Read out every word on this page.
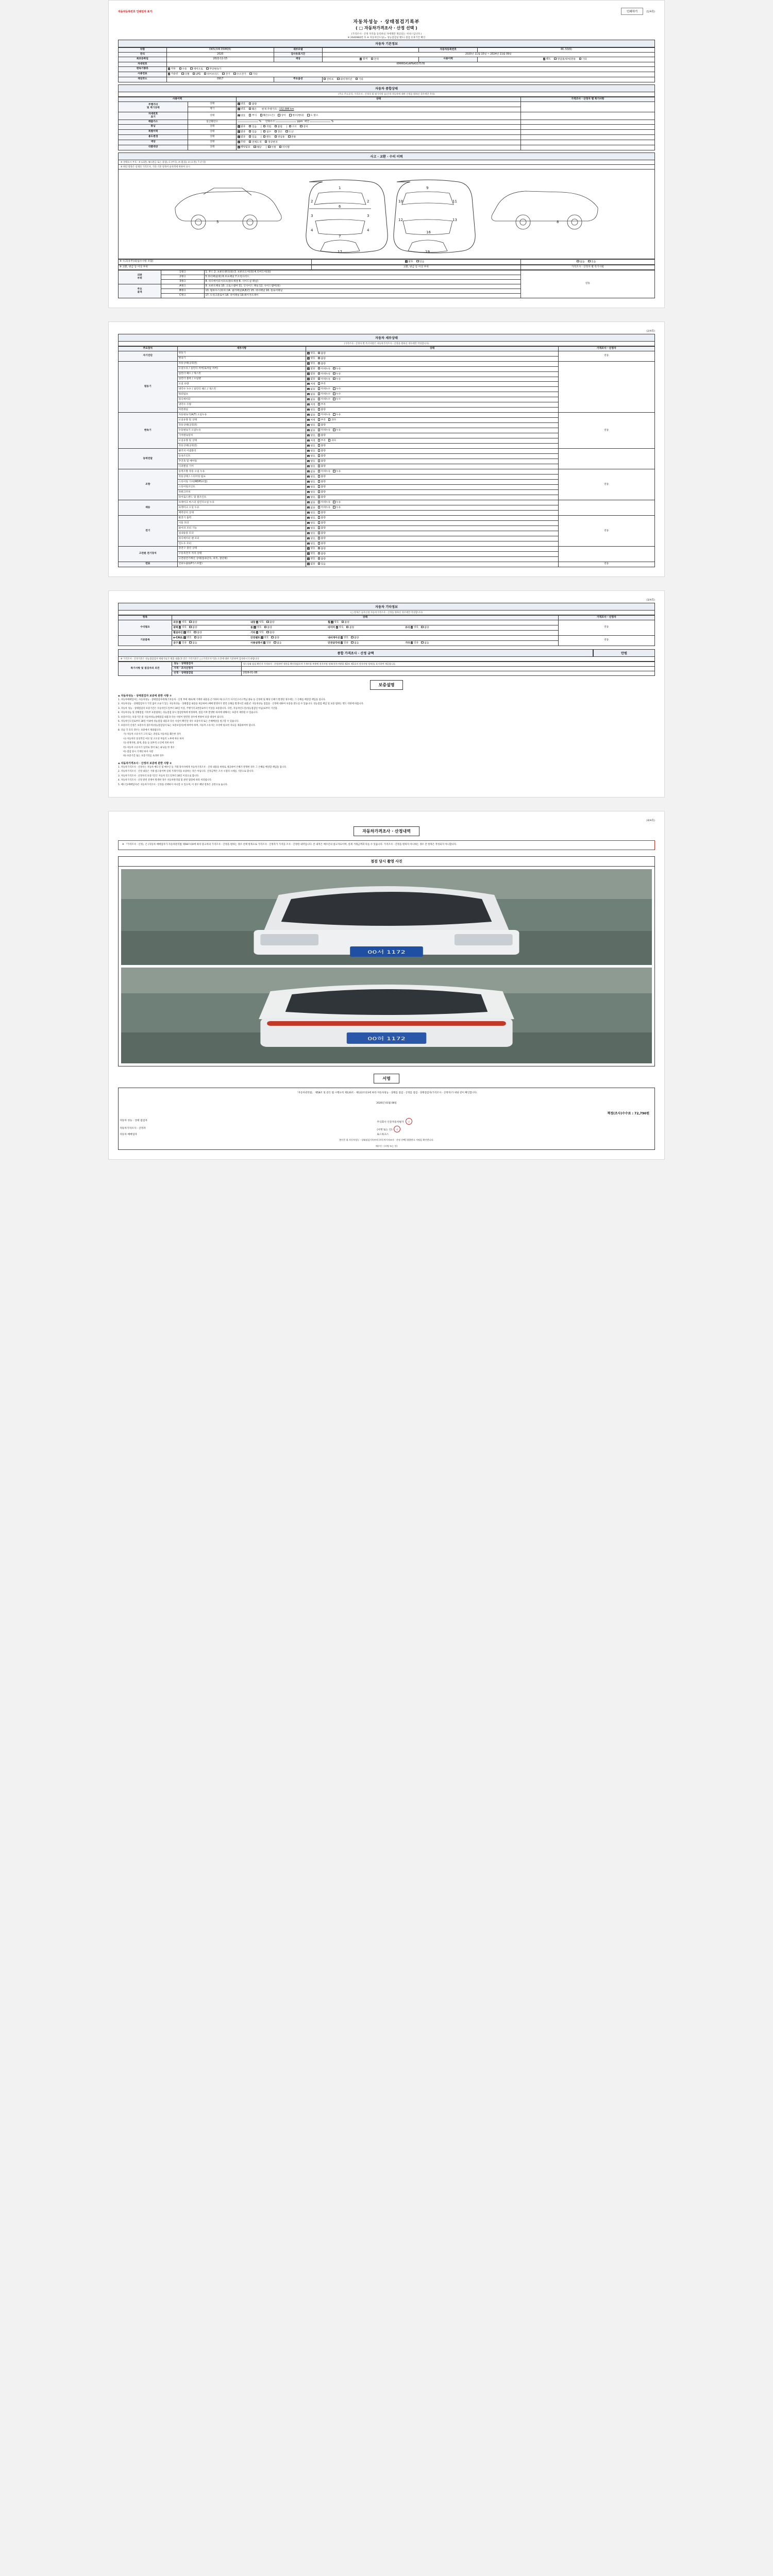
자동차등록번호 인쇄일자 표기	인쇄하기	(1/4쪽)
자동차성능 · 상태점검기록부
( □ 자동차가격조사 · 산정 선택 )
(가격조사 · 산정 자격을 등록하신 자에게만 제공되는 서비스입니다.)
※ 2640960번 호 ※ 자동차인도일(= 성능점검일 별도) 점검 유효기간 확인
자동차 기본정보
차명	DK5(2V6 DSMQ5)	세부모델		자동차등록번호	46..53(6)
연식	2020	검사유효기간	2020년 11월 10일 ~ 2024년 11월 09일		
최초등록일	2022-11-15	색상	✔원색 전색	사용이력	✔렌트 영업용/대여/관용 기타
차대번호	KMHRS41APNA557578				
변속기종류	✔자동 수동 세미오토 무단변속기
사용연료	✔가솔린 디젤 LPG 하이브리드 전기 수소전기 기타
색상코드	0917	주요옵션	선루프 내비게이션 기타		
자동차 종합상태
(주요 주요골격, 가격조사 · 산정의 및 평가사항 등(산정 자동차에 대한 산정을 원하신 경우에만 작성)
사용이력		상태	가격조사 · 산정자 별 특기사항
주행거리
및 계기상태	상태	✔양호 불량	
	계기	✔양호 훼손   현재 주행거리 : 132,086 km
차대번호
표기	상태	✔양호 부식 훼손(오손) 상이 변조(변타) 도 말소	
배출가스	일산화탄소	%  탄화수소 ppm  매연 %	
튜닝	상태	✔없음 있음  |  적법 불법  |  구조 장치	
특별이력	상태	✔없음 있음  |  침수 전손 도난	
용도변경	상태	✔없음 있음  |  렌트 영업용 관용	
색상	상태	✔무판 전체도색 색상변경	
리콜대상	상태	✔해당없음 해당  |  이행 미이행	
사고 · 교환 · 수리 이력
※ 상태표시 부호 : X (교환), W (판금 또는 용접), C (부식), A (흠집), U (요철), T (손상)
※ 하단 항목은 실제의 가격조사, 기타 기준 항목이 순차적에 한하여 표시
1
2	2
3	3
4	4
6
7
9
10	11
12	13
16
5	8
17	19
※ 사고(유무)의(침수사항 포함)	✔없음	있음	없음	있음
※ 교환, 판금 등 이상 부위	교환, 판금 등 이상 부위	가격조사 · 산정자 별 특기사항
외판
부위	1랭크	1. 후드 2. 프론트펜더(좌) 3. 프론트도어(좌) 4.리어도어(좌)	연동
	2랭크	5.쿼터패널(좌) 6.루프패널 7.트렁크리드	
	3랭크	8. 라디에이터서포트(볼트체결 8. 사이드실 패널)	
주요
골격	A랭크	9. 프론트패널 10. 크로스멤버 11. 인사이드 패널 12. 사이드멤버(좌)	
	B랭크	13. 휠하우스(좌우) 14. 필러패널(A,B,C) 15. 대쉬패널 16. 플로어패널	
	C랭크	17. 트렁크플로어 18. 리어패널 19.패키지트레이	
(2/4쪽)
자동차 세부상태
(가격조사 · 산정자 별 특기사항은 자동차가격조사 · 산정을 원하신 경우에만 작성합니다)
주요장치	세부사항	상태	가격조사 · 산정자
자기진단	원동기	✔양호 불량	연동
	변속기	✔양호 불량
원동기	작동상태(공회전)	✔양호 불량	
	오일누유 / 실린더 커버(로커암 커버)	✔없음 미세누유 누유
	실린더 헤드 / 개스킷	✔없음 미세누유 누유
	실린더 블록 / 오일팬	✔없음 미세누유 누유
	오일 유량	✔적정 부족
	냉각수 누수 / 실린더 헤드 / 개스킷	✔없음 미세누수 누수
	워터펌프	✔없음 미세누수 누수
	라디에이터	✔없음 미세누수 누수
	냉각수 수량	✔적정 부족
	커먼레일	✔양호 불량
변속기	자동변속기(A/T) 오일누유	✔없음 미세누유 누유	연동
	오일유량 및 상태	✔적정 부족 과다
	작동상태(공회전)	✔양호 불량
	수동변속기 오일누유	✔없음 미세누유 누유
	기어변속장치	✔양호 불량
	오일유량 및 상태	✔적정 부족 과다
	작동상태(공회전)	✔양호 불량
동력전달	클러치 어셈블리	✔양호 불량	
	등속조인트	✔양호 불량
	추진축 및 베어링	✔양호 불량
	디퍼렌셜 기어	✔양호 불량
조향	동력조향 작동 오일 누유	✔없음 미세누유 누유	연동
	작동상태 / 스티어링 펌프	✔양호 불량
	스티어링 기어(MDPS포함)	✔양호 불량
	스티어링조인트	✔양호 불량
	파워크러치	✔양호 불량
	타이로드엔드 및 볼조인트	✔양호 불량
제동	브레이크 마스터 실린더오일 누유	✔없음 미세누유 누유	
	브레이크 오일 누유	✔없음 미세누유 누유
	배력장치 상태	✔양호 불량
전기	발전기 출력	✔양호 불량	연동
	시동 모터	✔양호 불량
	와이퍼 모터 기능	✔양호 불량
	실내송풍 모터	✔양호 불량
	라디에이터 팬 모터	✔양호 불량
	윈도우 모터	✔양호 불량
고전원 전기장치	충전구 절연 상태	✔양호 불량	
	구동축전지 격리 상태	✔양호 불량
	고전원전기배선 상태(접속단자, 피복, 절연체)	✔양호 불량
연료	연료누출(LP가스포함)	✔없음 있음	연동
(3/4쪽)
자동차 기타정보
(□ 항목은 등록신청 자동차가격조사 · 산정을 원하신 경우에만 작성합니다)
항목	상태	가격조사 · 산정자
수리필요	외장 ✔ 양호 불량 내장 ✔ 양호 불량 휠 ✔ 양호 불량	연동
	광택 ✔ 양호 불량 룸 ✔ 양호 불량 타이어 ✔ 양호 불량 유리 ✔ 양호 불량
	휠얼라인 ✔ 양호 불량 기타 ✔ 양호 불량
기본품목	e-CALL ✔ 양호 불량 안전벨트 ✔ 양호 불량 내비게이션 ✔ 양호 불량	연동
	공구 ✔ 있음 없음 사용설명서 ✔ 있음 없음 안전삼각대 ✔ 있음 없음 기타 ✔ 있음 없음
종합 가격조사 · 산정 금액	만원
※ 가격조사 · 산정기준은 성능점검업자 제평가로가 제출 내용(과 같은 가격기준은 □ (가격조사기준) 소견에 대한 기준하며 검사하시기 바랍니다
특기사항 및 점검자의 의견	성능 · 상태점검자	성능상태 점검 확인자 가격조사 · 산정관련 내용을 확인하였으며 기재사항 부분에 전자서명 정보(전자서명법 제2조 제1호의 전자서명 정보)를 표시하여 제공합니다.
	가격 · 조사산정자	
	산정 · 상태점검일	2026-01-08
보증설명
◈ 자동차성능 · 상태점검자 보증에 관한 사항 ①
1. 자동차매매업자는 자동차성능 · 상태점검자에게(기자동차 · 산정 부에 제보(해 기재한 내용을 근거하여 허(구)기가 자기신고서고객님 종류 등 산정에 및 해당 손해가 발생된 경우에는 그 손해를 배상할 책임을 집니다.
2. 자동차성능 · 상태점검자가 거짓 없이 오류가 있는 자동차성능 · 상태점검 내용을 제공하여 (매매 발생자가 발견 손해를 발생시킨 내용)은 자동차성능 점검을 · 산정에 대하여 보증을 받으실 수 있습니다. 성능점검 책임 및 보증 범위는 별도 약관에 따릅니다.
3. 자동차 성능 · 상태점검의 보증기간은 자동차인도일부터 30일 이상, 주행거리 2천킬로미터 이상을 보증합니다. 다만, 자동차인도일(성능점검일 아님)로부터 기산함.
4. 자동차성능 및 상태점검 기록부 보증범위는 성능점검 당시 점검항목에 한정하며, 점검 이후 발생한 하자에 대해서는 보증이 제한될 수 있습니다.
5. 보증수리는 보증기간 중 자동차성능상태점검 내용과 다른 사항이 발견된 경우에 한하여 보증 대상이 됩니다.
6. 자동차인도일로부터 30일 이내에 성능점검 내용과 다른 사실이 확인된 경우 보증수리 또는 손해배상을 청구할 수 있습니다.
7. 보증수리 신청은 보증수리 접수처(성능점검업자 또는 보증보험사)에 하여야 하며, 자동차 소유자는 수리에 필요한 자료를 제출하여야 합니다.
8. 다음 각 호의 경우는 보증에서 제외됩니다.
가) 자동차 소유자가 고의 또는 과실로 자동차를 훼손한 경우
나) 자동차의 통상적인 마모 및 소모성 부품의 노후에 따른 하자
다) 천재지변, 화재, 충돌 등 외부적 요인에 의한 하자
라) 자동차 소유자가 임의로 정비 또는 튜닝을 한 경우
마) 점검 당시 기재된 하자 사항
바) 보증기간 또는 보증거리를 초과한 경우
◈ 자동차가격조사 · 산정자 보증에 관한 사항 ②
1. 자동차가격조사 · 산정자는 자동차 매도인 및 매수인 등 거래 당사자에게 자동차가격조사 · 산정 내용을 허위로 제공하여 손해가 발생한 경우 그 손해를 배상할 책임을 집니다.
2. 자동차가격조사 · 산정 내용은 거래 참고용이며 실제 거래가격을 보증하는 것은 아닙니다. 산정금액은 조사 시점의 시세를 기준으로 합니다.
3. 자동차가격조사 · 산정자의 보증기간은 자동차 인도일부터 30일 이상으로 합니다.
4. 자동차가격조사 · 산정 관련 분쟁이 발생한 경우 자동차관리법 및 관련 법령에 따라 처리됩니다.
5. 매도인(매매업자)은 자동차가격조사 · 산정을 선택하지 아니할 수 있으며, 이 경우 해당 항목은 공란으로 둡니다.
(4/4쪽)
자동차가격조사 · 산정내역
※ 『가격조사 · 산정』은 (자동차 매매업자가 자동차관리법 제58조의4에 따라 중고차의 가격조사 · 산정을 원하는 경우 선택 항목으로 가격조사 · 산정자가 가격을 조사 · 산정한 내역입니다. 본 내역은 매수인의 참고자료이며, 실제 거래금액과 다를 수 있습니다. 가격조사 · 산정을 원하지 아니하는 경우 본 항목은 작성되지 아니합니다.
점검 당시 촬영 사진
00서 1172
00허 1172
서명
「자동차관리법」 제58조 및 같은 법 시행규칙 제120조 · 제122조의3에 따라 자동차성능 · 상태를 점검 · 산정를 점검 · 상태점검자(가격조사 · 산정자)가 위와 같이 확인합니다.
2026년 01월 08일
책정(조사)수수료 : 72,790원
자동차 성능 · 상태 점검자	주식회사 인증자동차평가 인
자동차가격조사 · 산정자	(서명 또는 인) 인
자동차 매매업자	로드워크스
본인은 위 자동차성능 · 상태점검기록부의 [자동차가격조사 · 산정 선택] 열람받고 서명을 확인받니다.
매수인 : (서명 또는 인)
